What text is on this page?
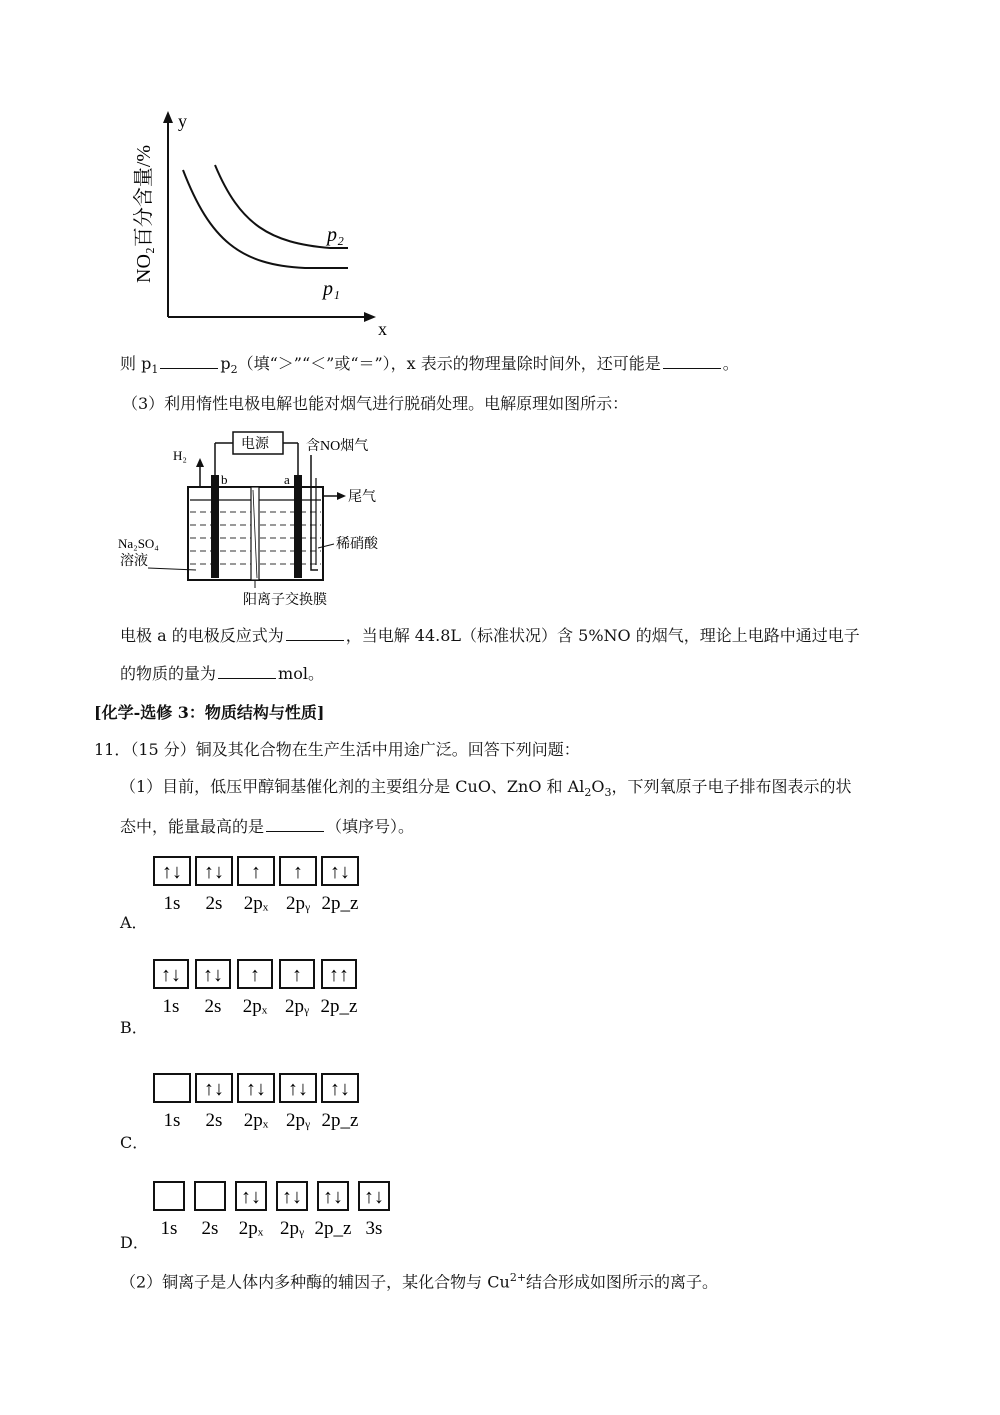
y
x
NO₂百分含量/%	p₂
p₁
则 $p_1$	$p_2$（填“＞”“＜”或“＝”），x 表示的物理量除时间外，还可能是	。
（3）利用惰性电极电解也能对烟气进行脱硝处理。电解原理如图所示：
电源
b	a
H₂
含NO烟气
尾气
Na₂SO₄
溶液
稀硝酸
阳离子交换膜
电极 a 的电极反应式为	，当电解 44.8L（标准状况）含 5%NO 的烟气，理论上电路中通过电子
的物质的量为	mol。
[化学-选修 3：物质结构与性质]
11．（15 分）铜及其化合物在生产生活中用途广泛。回答下列问题：
（1）目前，低压甲醇铜基催化剂的主要组分是 CuO、ZnO 和 $Al_2O_3$，下列氧原子电子排布图表示的状
态中，能量最高的是	（填序号）。
A．
↑↓
1s
↑↓
2s
↑
2pₓ
↑
2pᵧ
↑↓
2p_z
B．
↑↓
1s
↑↓
2s
↑
2pₓ
↑
2pᵧ
↑↑
2p_z
C．
1s
↑↓
2s
↑↓
2pₓ
↑↓
2pᵧ
↑↓
2p_z
D．
1s 2s
↑↓
2pₓ
↑↓
2pᵧ
↑↓
2p_z
↑↓
3s
（2）铜离子是人体内多种酶的辅因子，某化合物与 $Cu^{2+}$结合形成如图所示的离子。
